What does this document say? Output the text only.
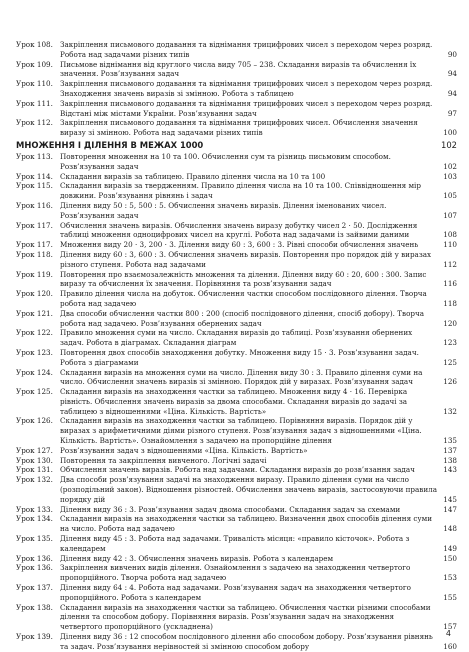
Урок 108. Закріплення письмового додавання та віднімання трицифрових чисел з переходом через розряд. Робота над задачами різних типів	90
Урок 109. Письмове віднімання від круглого числа виду 705 – 238. Складання виразів та обчислення їх значення. Розв’язування задач	94
Урок 110. Закріплення письмового додавання та віднімання трицифрових чисел з переходом через розряд. Знаходження значень виразів зі змінною. Робота з таблицею	94
Урок 111. Закріплення письмового додавання та віднімання трицифрових чисел з переходом через розряд. Відстані між містами України. Розв’язування задач	97
Урок 112. Закріплення письмового додавання та віднімання трицифрових чисел. Обчислення значення виразу зі змінною. Робота над задачами різних типів	100
МНОЖЕННЯ І ДІЛЕННЯ В МЕЖАХ 1000	102
Урок 113. Повторення множення на 10 та 100. Обчислення сум та різниць письмовим способом. Розв’язування задач	102
Урок 114. Складання виразів за таблицею. Правило ділення числа на 10 та 100	103
Урок 115. Складання виразів за твердженням. Правило ділення числа на 10 та 100. Співвідношення мір довжини. Розв’язування рівнянь і задач	105
Урок 116. Ділення виду 50 : 5, 500 : 5. Обчислення значень виразів. Ділення іменованих чисел. Розв’язування задач	107
Урок 117. Обчислення значень виразів. Обчислення значень виразу добутку чисел 2 · 50. Дослідження таблиці множення одноцифрових чисел на круглі. Робота над задачами із зайвими даними	108
Урок 117. Множення виду 20 · 3, 200 · 3. Ділення виду 60 : 3, 600 : 3. Рівні способи обчислення значень	110
Урок 118. Ділення виду 60 : 3, 600 : 3. Обчислення значень виразів. Повторення про порядок дій у виразах різного ступеня. Робота над задачами	112
Урок 119. Повторення про взаємозалежність множення та ділення. Ділення виду 60 : 20, 600 : 300. Запис виразу та обчислення їх значення. Порівняння та розв’язування задач	116
Урок 120. Правило ділення числа на добуток. Обчислення частки способом послідовного ділення. Творча робота над задачею	118
Урок 121. Два способи обчислення частки 800 : 200 (спосіб послідовного ділення, спосіб добору). Творча робота над задачею. Розв’язування обернених задач	120
Урок 122. Правило множення суми на число. Складання виразів до таблиці. Розв’язування обернених задач. Робота в діаграмах. Складання діаграм	123
Урок 123. Повторення двох способів знаходження добутку. Множення виду 15 · 3. Розв’язування задач. Робота з діаграмами	125
Урок 124. Складання виразів на множення суми на число. Ділення виду 30 : 3. Правило ділення суми на число. Обчислення значень виразів зі змінною. Порядок дій у виразах. Розв’язування задач	126
Урок 125. Складання виразів на знаходження частки за таблицею. Множення виду 4 · 16. Перевірка рівність. Обчислення значень виразів за двома способами. Складання виразів до задачі за таблицею з відношеннями «Ціна. Кількість. Вартість»	132
Урок 126. Складання виразів на знаходження частки за таблицею. Порівняння виразів. Порядок дій у виразах з арифметичними діями різного ступеня. Розв’язування задач з відношеннями «Ціна. Кількість. Вартість». Ознайомлення з задачею на пропорційне ділення	135
Урок 127. Розв’язування задач з відношеннями «Ціна. Кількість. Вартість»	137
Урок 130. Повторення та закріплення вивченого. Логічні задачі	138
Урок 131. Обчислення значень виразів. Робота над задачами. Складання виразів до розв’язання задач	143
Урок 132. Два способи розв’язування задачі на знаходження виразу. Правило ділення суми на число (розподільний закон). Відношення різностей. Обчислення значень виразів, застосовуючи правила порядку дій	145
Урок 133. Ділення виду 36 : 3. Розв’язування задач двома способами. Складання задач за схемами	147
Урок 134. Складання виразів на знаходження частки за таблицею. Визначення двох способів ділення суми на число. Робота над задачею	148
Урок 135. Ділення виду 45 : 3. Робота над задачами. Тривалість місяця: «правило кісточок». Робота з календарем	149
Урок 136. Ділення виду 42 : 3. Обчислення значень виразів. Робота з календарем	150
Урок 136. Закріплення вивчених видів ділення. Ознайомлення з задачею на знаходження четвертого пропорційного. Творча робота над задачею	153
Урок 137. Ділення виду 64 : 4. Робота над задачами. Розв’язування задач на знаходження четвертого пропорційного. Робота з календарем	155
Урок 138. Складання виразів на знаходження частки за таблицею. Обчислення частки різними способами ділення та способом добору. Порівняння виразів. Розв’язування задач на знаходження четвертого пропорційного (ускладнена)	157
Урок 139. Ділення виду 36 : 12 способом послідовного ділення або способом добору. Розв’язування рівнянь та задач. Розв’язування нерівностей зі змінною способом добору	160
4
